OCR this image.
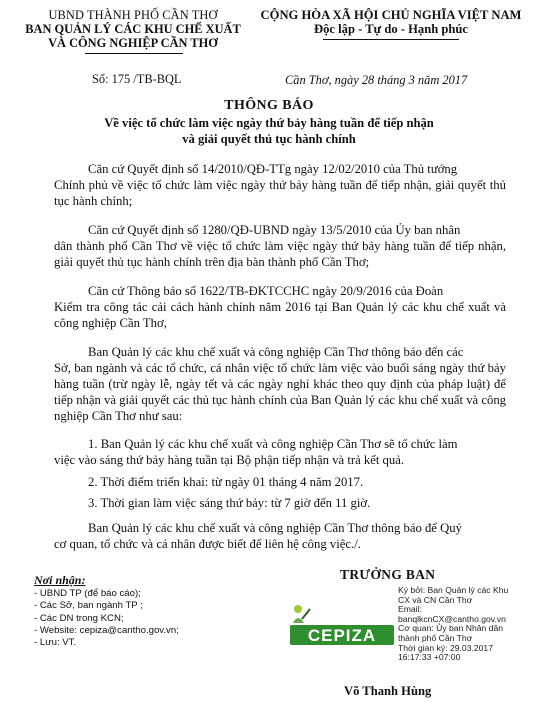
UBND THÀNH PHỐ CẦN THƠ
BAN QUẢN LÝ CÁC KHU CHẾ XUẤT
VÀ CÔNG NGHIỆP CẦN THƠ
CỘNG HÒA XÃ HỘI CHỦ NGHĨA VIỆT NAM
Độc lập - Tự do - Hạnh phúc
Số: 175 /TB-BQL	Cần Thơ, ngày 28 tháng 3 năm 2017
THÔNG BÁO
Về việc tổ chức làm việc ngày thứ bảy hàng tuần để tiếp nhận
và giải quyết thủ tục hành chính
Căn cứ Quyết định số 14/2010/QĐ-TTg ngày 12/02/2010 của Thủ tướng
Chính phủ về việc tổ chức làm việc ngày thứ bảy hàng tuần để tiếp nhận, giải quyết thủ tục hành chính;
Căn cứ Quyết định số 1280/QĐ-UBND ngày 13/5/2010 của Ủy ban nhân
dân thành phố Cần Thơ về việc tổ chức làm việc ngày thứ bảy hàng tuần để tiếp nhận, giải quyết thủ tục hành chính trên địa bàn thành phố Cần Thơ;
Căn cứ Thông báo số 1622/TB-ĐKTCCHC ngày 20/9/2016 của Đoàn
Kiểm tra công tác cải cách hành chính năm 2016 tại Ban Quản lý các khu chế xuất và công nghiệp Cần Thơ,
Ban Quản lý các khu chế xuất và công nghiệp Cần Thơ thông báo đến các
Sở, ban ngành và các tổ chức, cá nhân việc tổ chức làm việc vào buổi sáng ngày thứ bảy hàng tuần (trừ ngày lễ, ngày tết và các ngày nghỉ khác theo quy định của pháp luật) để tiếp nhận và giải quyết các thủ tục hành chính của Ban Quản lý các khu chế xuất và công nghiệp Cần Thơ như sau:
1. Ban Quản lý các khu chế xuất và công nghiệp Cần Thơ sẽ tổ chức làm
việc vào sáng thứ bảy hàng tuần tại Bộ phận tiếp nhận và trả kết quả.
2. Thời điểm triển khai: từ ngày 01 tháng 4 năm 2017.
3. Thời gian làm việc sáng thứ bảy: từ 7 giờ đến 11 giờ.
Ban Quản lý các khu chế xuất và công nghiệp Cần Thơ thông báo để Quý
cơ quan, tổ chức và cá nhân được biết để liên hệ công việc./.
Nơi nhận:
- UBND TP (để báo cáo);
- Các Sở, ban ngành TP ;
- Các DN trong KCN;
- Website: cepiza@cantho.gov.vn;
- Lưu: VT.
TRƯỞNG BAN
CEPIZA
Ký bởi: Ban Quản lý các Khu
CX và CN Cần Thơ
Email:
banqlkcnCX@cantho.gov.vn
Cơ quan: Ủy ban Nhân dân
thành phố Cần Thơ
Thời gian ký: 29.03.2017
16:17:33 +07:00
Võ Thanh Hùng
